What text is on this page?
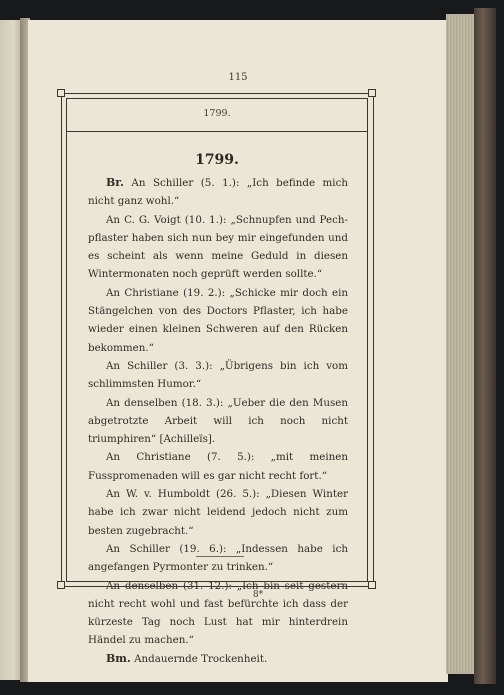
115
1799.
1799.

Br. An Schiller (5. 1.): „Ich befinde mich nicht ganz wohl.“

An C. G. Voigt (10. 1.): „Schnupfen und Pechpflaster haben sich nun bey mir eingefunden und es scheint als wenn meine Geduld in diesen Wintermonaten noch geprüft werden sollte.“

An Christiane (19. 2.): „Schicke mir doch ein Stängelchen von des Doctors Pflaster, ich habe wieder einen kleinen Schweren auf den Rücken bekommen.“

An Schiller (3. 3.): „Übrigens bin ich vom schlimmsten Humor.“

An denselben (18. 3.): „Ueber die den Musen abgetrotzte Arbeit will ich noch nicht triumphiren“ [Achilleïs].

An Christiane (7. 5.): „mit meinen Fusspromenaden will es gar nicht recht fort.“

An W. v. Humboldt (26. 5.): „Diesen Winter habe ich zwar nicht leidend jedoch nicht zum besten zugebracht.“

An Schiller (19. 6.): „Indessen habe ich angefangen Pyrmonter zu trinken.“

An denselben (31. 12.): „Ich bin seit gestern nicht recht wohl und fast befürchte ich dass der kürzeste Tag noch Lust hat mir hinterdrein Händel zu machen.“

Bm. Andauernde Trockenheit.

8*
